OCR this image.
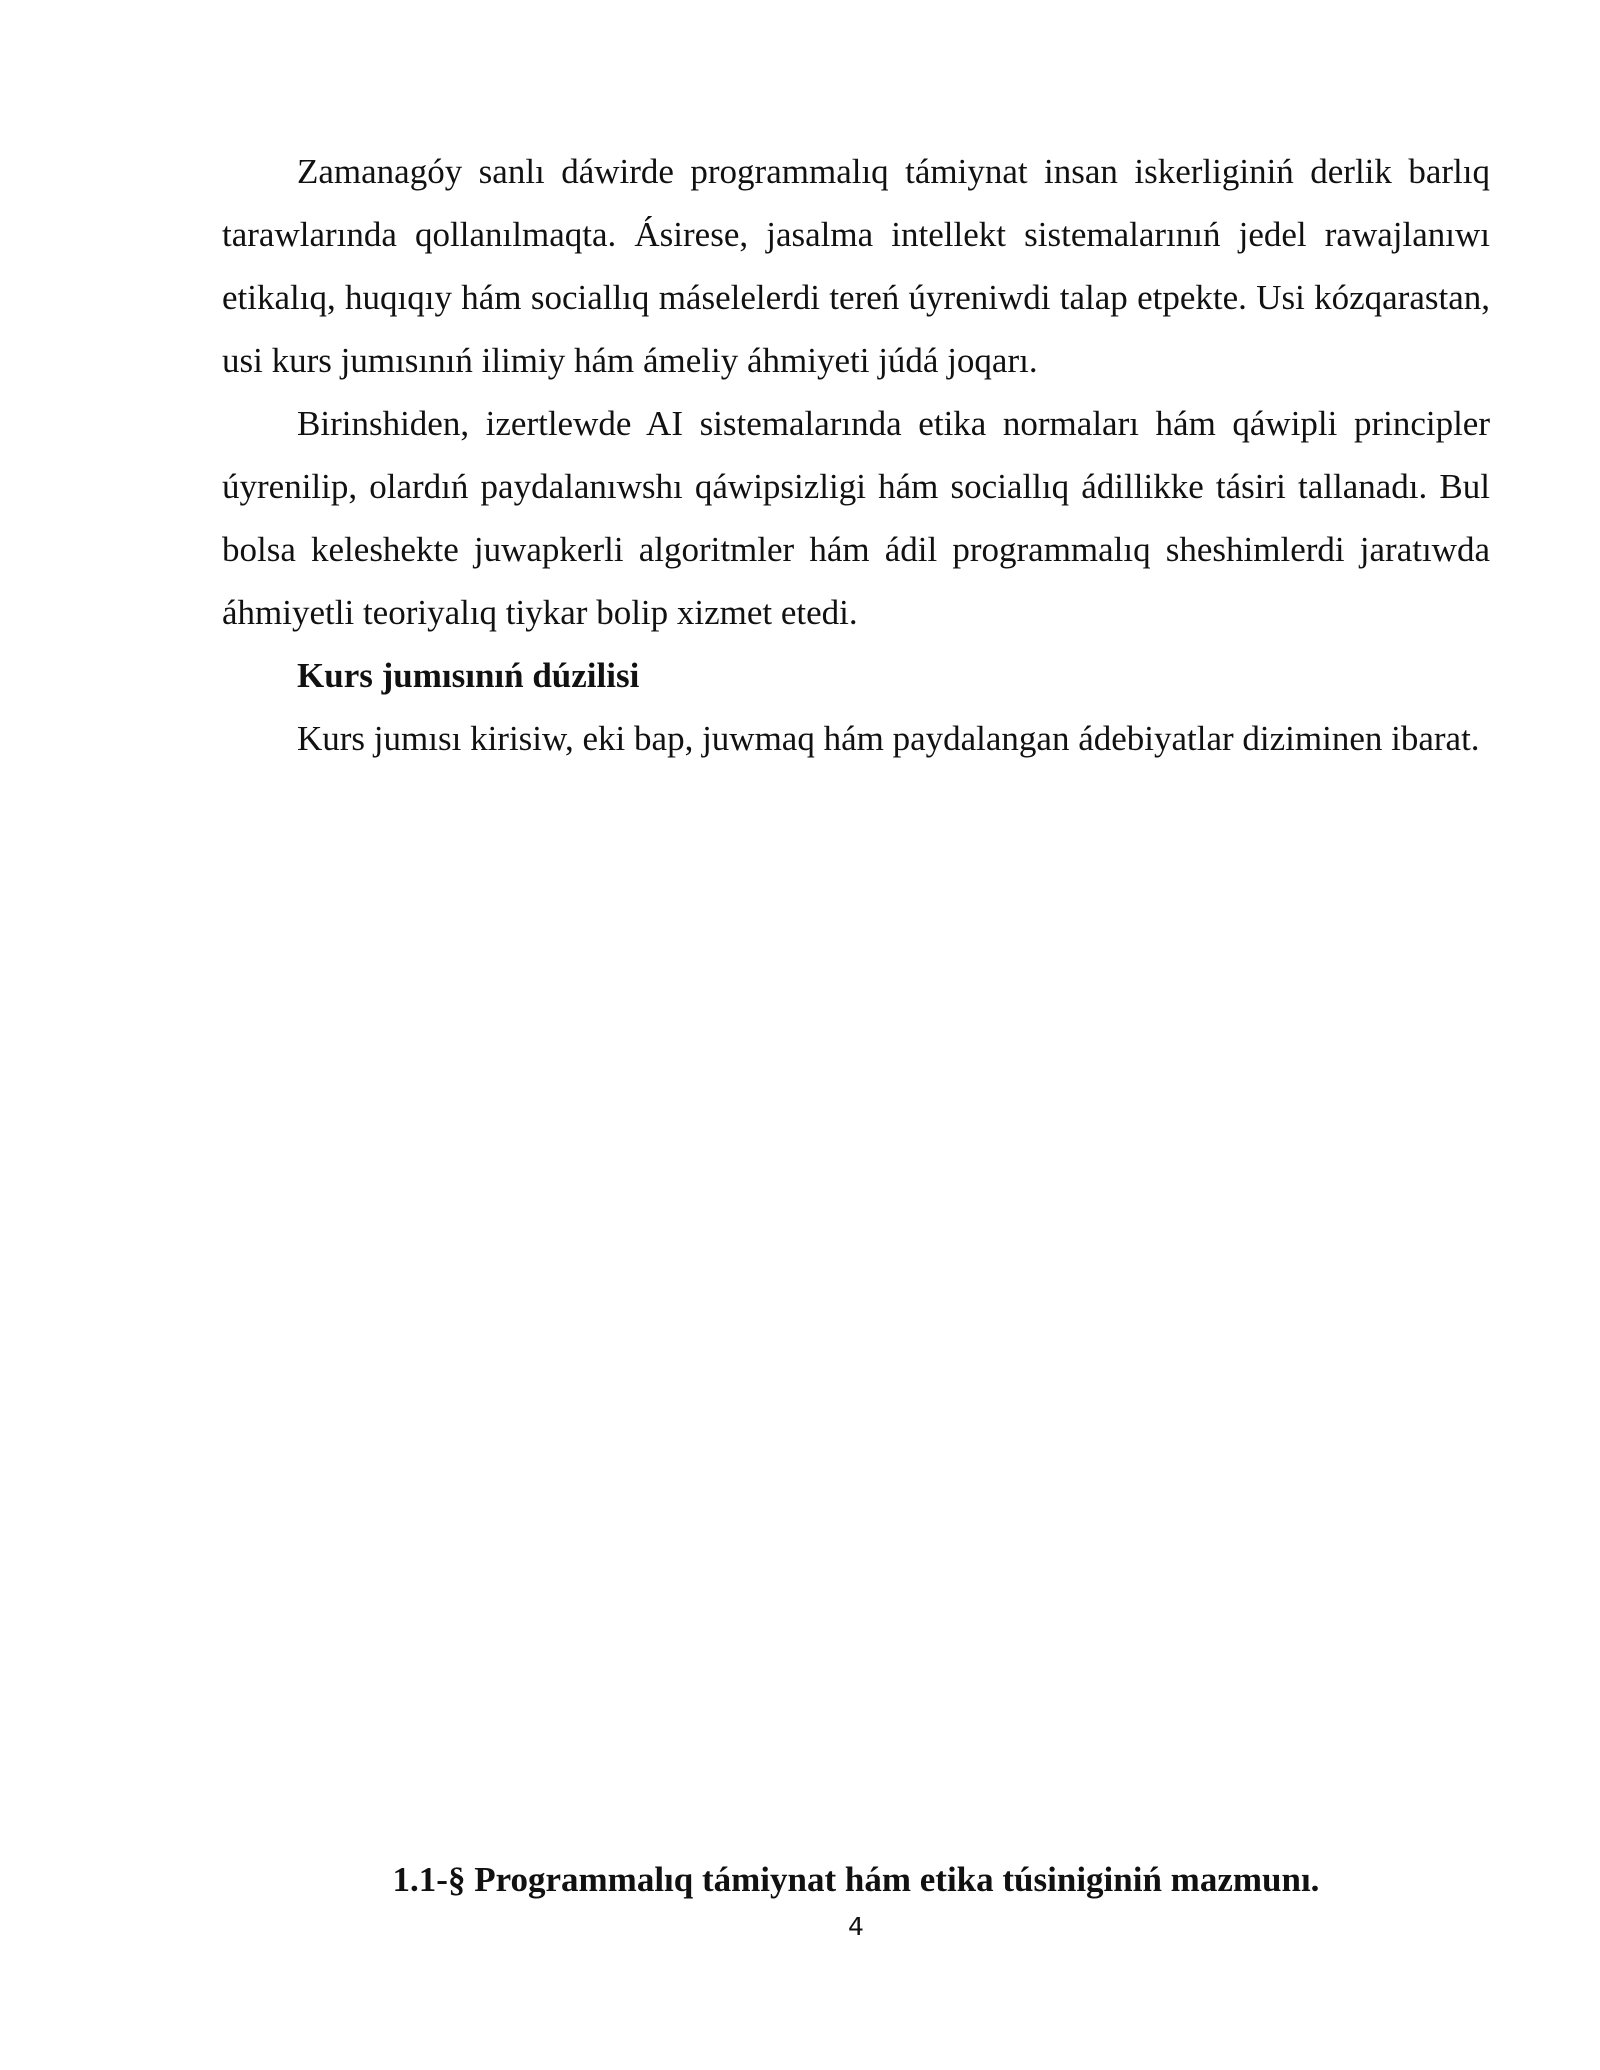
Zamanagóy sanlı dáwirde programmalıq támiynat insan iskerliginiń derlik barlıq tarawlarında qollanılmaqta. Ásirese, jasalma intellekt sistemalarınıń jedel rawajlanıwı etikalıq, huqıqıy hám sociallıq máselelerdi tereń úyreniwdi talap etpekte. Usi kózqarastan, usi kurs jumısınıń ilimiy hám ámeliy áhmiyeti júdá joqarı.

Birinshiden, izertlewde AI sistemalarında etika normaları hám qáwipli principler úyrenilip, olardıń paydalanıwshı qáwipsizligi hám sociallıq ádillikke tásiri tallanadı. Bul bolsa keleshekte juwapkerli algoritmler hám ádil programmalıq sheshimlerdi jaratıwda áhmiyetli teoriyalıq tiykar bolip xizmet etedi.

Kurs jumısınıń dúzilisi

Kurs jumısı kirisiw, eki bap, juwmaq hám paydalangan ádebiyatlar diziminen ibarat.

1.1-§ Programmalıq támiynat hám etika túsiniginiń mazmunı.

4
